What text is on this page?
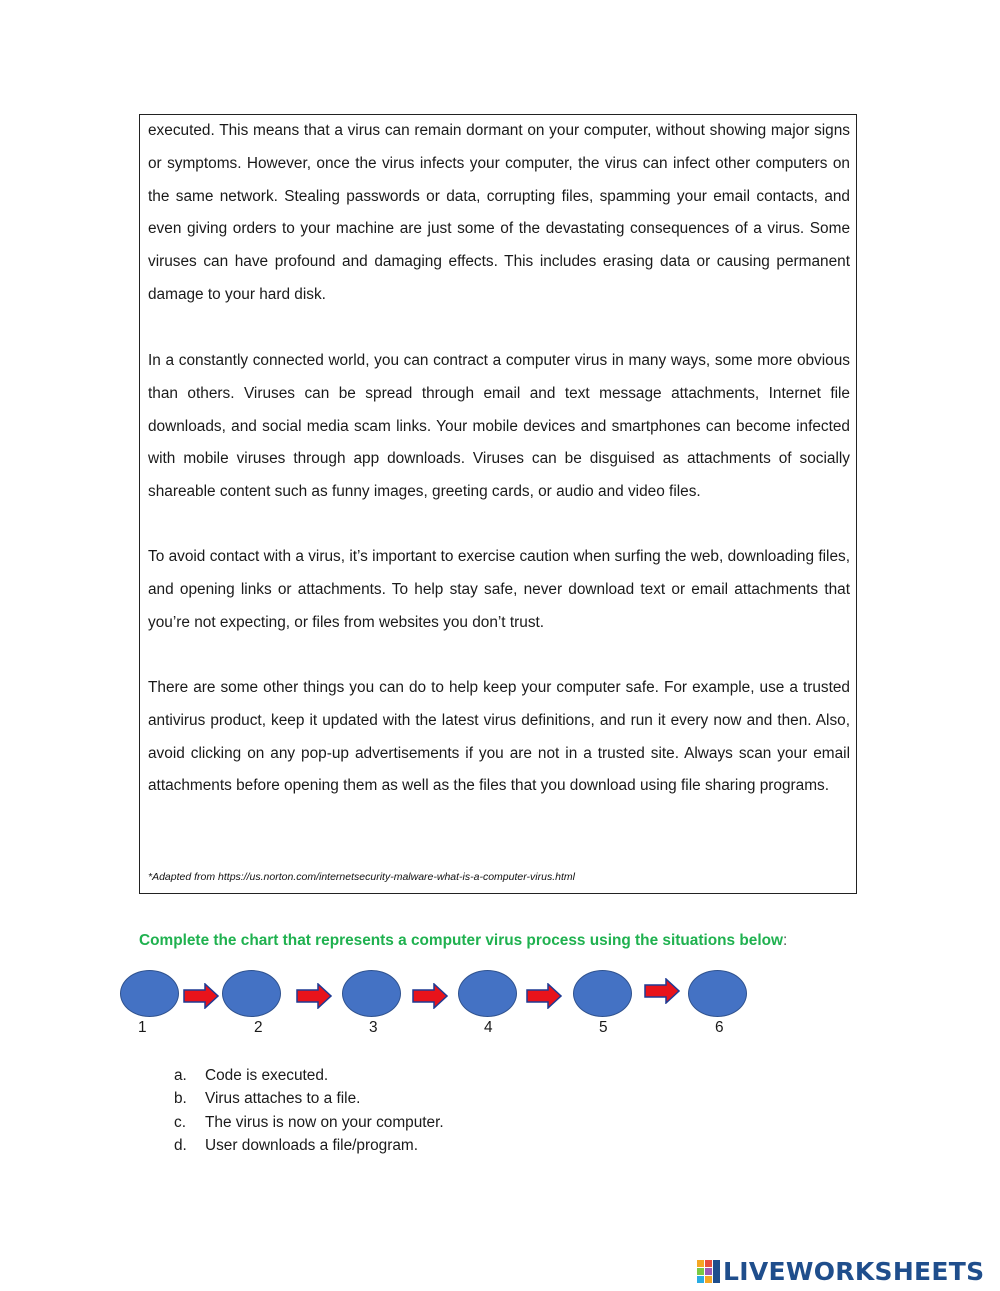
executed. This means that a virus can remain dormant on your computer, without showing major signs or symptoms. However, once the virus infects your computer, the virus can infect other computers on the same network. Stealing passwords or data, corrupting files, spamming your email contacts, and even giving orders to your machine are just some of the devastating consequences of a virus. Some viruses can have profound and damaging effects. This includes erasing data or causing permanent damage to your hard disk.

In a constantly connected world, you can contract a computer virus in many ways, some more obvious than others. Viruses can be spread through email and text message attachments, Internet file downloads, and social media scam links. Your mobile devices and smartphones can become infected with mobile viruses through app downloads. Viruses can be disguised as attachments of socially shareable content such as funny images, greeting cards, or audio and video files.

To avoid contact with a virus, it’s important to exercise caution when surfing the web, downloading files, and opening links or attachments. To help stay safe, never download text or email attachments that you’re not expecting, or files from websites you don’t trust.

There are some other things you can do to help keep your computer safe. For example, use a trusted antivirus product, keep it updated with the latest virus definitions, and run it every now and then. Also, avoid clicking on any pop-up advertisements if you are not in a trusted site. Always scan your email attachments before opening them as well as the files that you download using file sharing programs.

*Adapted from https://us.norton.com/internetsecurity-malware-what-is-a-computer-virus.html
Complete the chart that represents a computer virus process using the situations below:
1	2	3	4	5	6
a.	Code is executed.
b.	Virus attaches to a file.
c.	The virus is now on your computer.
d.	User downloads a file/program.
LIVEWORKSHEETS
